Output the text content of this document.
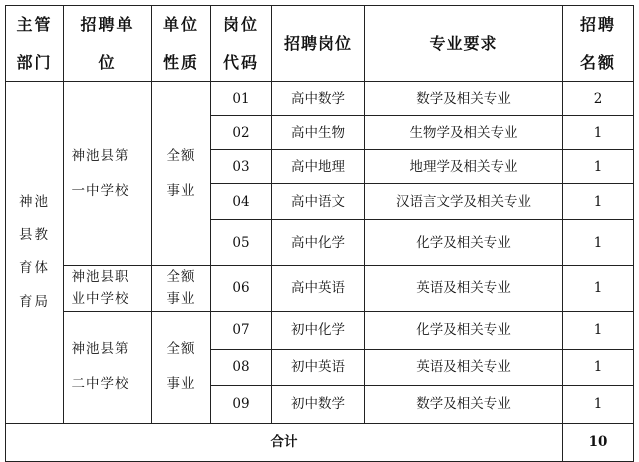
主管部门	招聘单位	单位性质	岗位代码	招聘岗位	专业要求	招聘名额
神池县教育体育局	神池县第一中学校	全额事业	01	高中数学	数学及相关专业	2
			02	高中生物	生物学及相关专业	1
			03	高中地理	地理学及相关专业	1
			04	高中语文	汉语言文学及相关专业	1
			05	高中化学	化学及相关专业	1
	神池县职业中学校	全额事业	06	高中英语	英语及相关专业	1
	神池县第二中学校	全额事业	07	初中化学	化学及相关专业	1
			08	初中英语	英语及相关专业	1
			09	初中数学	数学及相关专业	1
合计						10
